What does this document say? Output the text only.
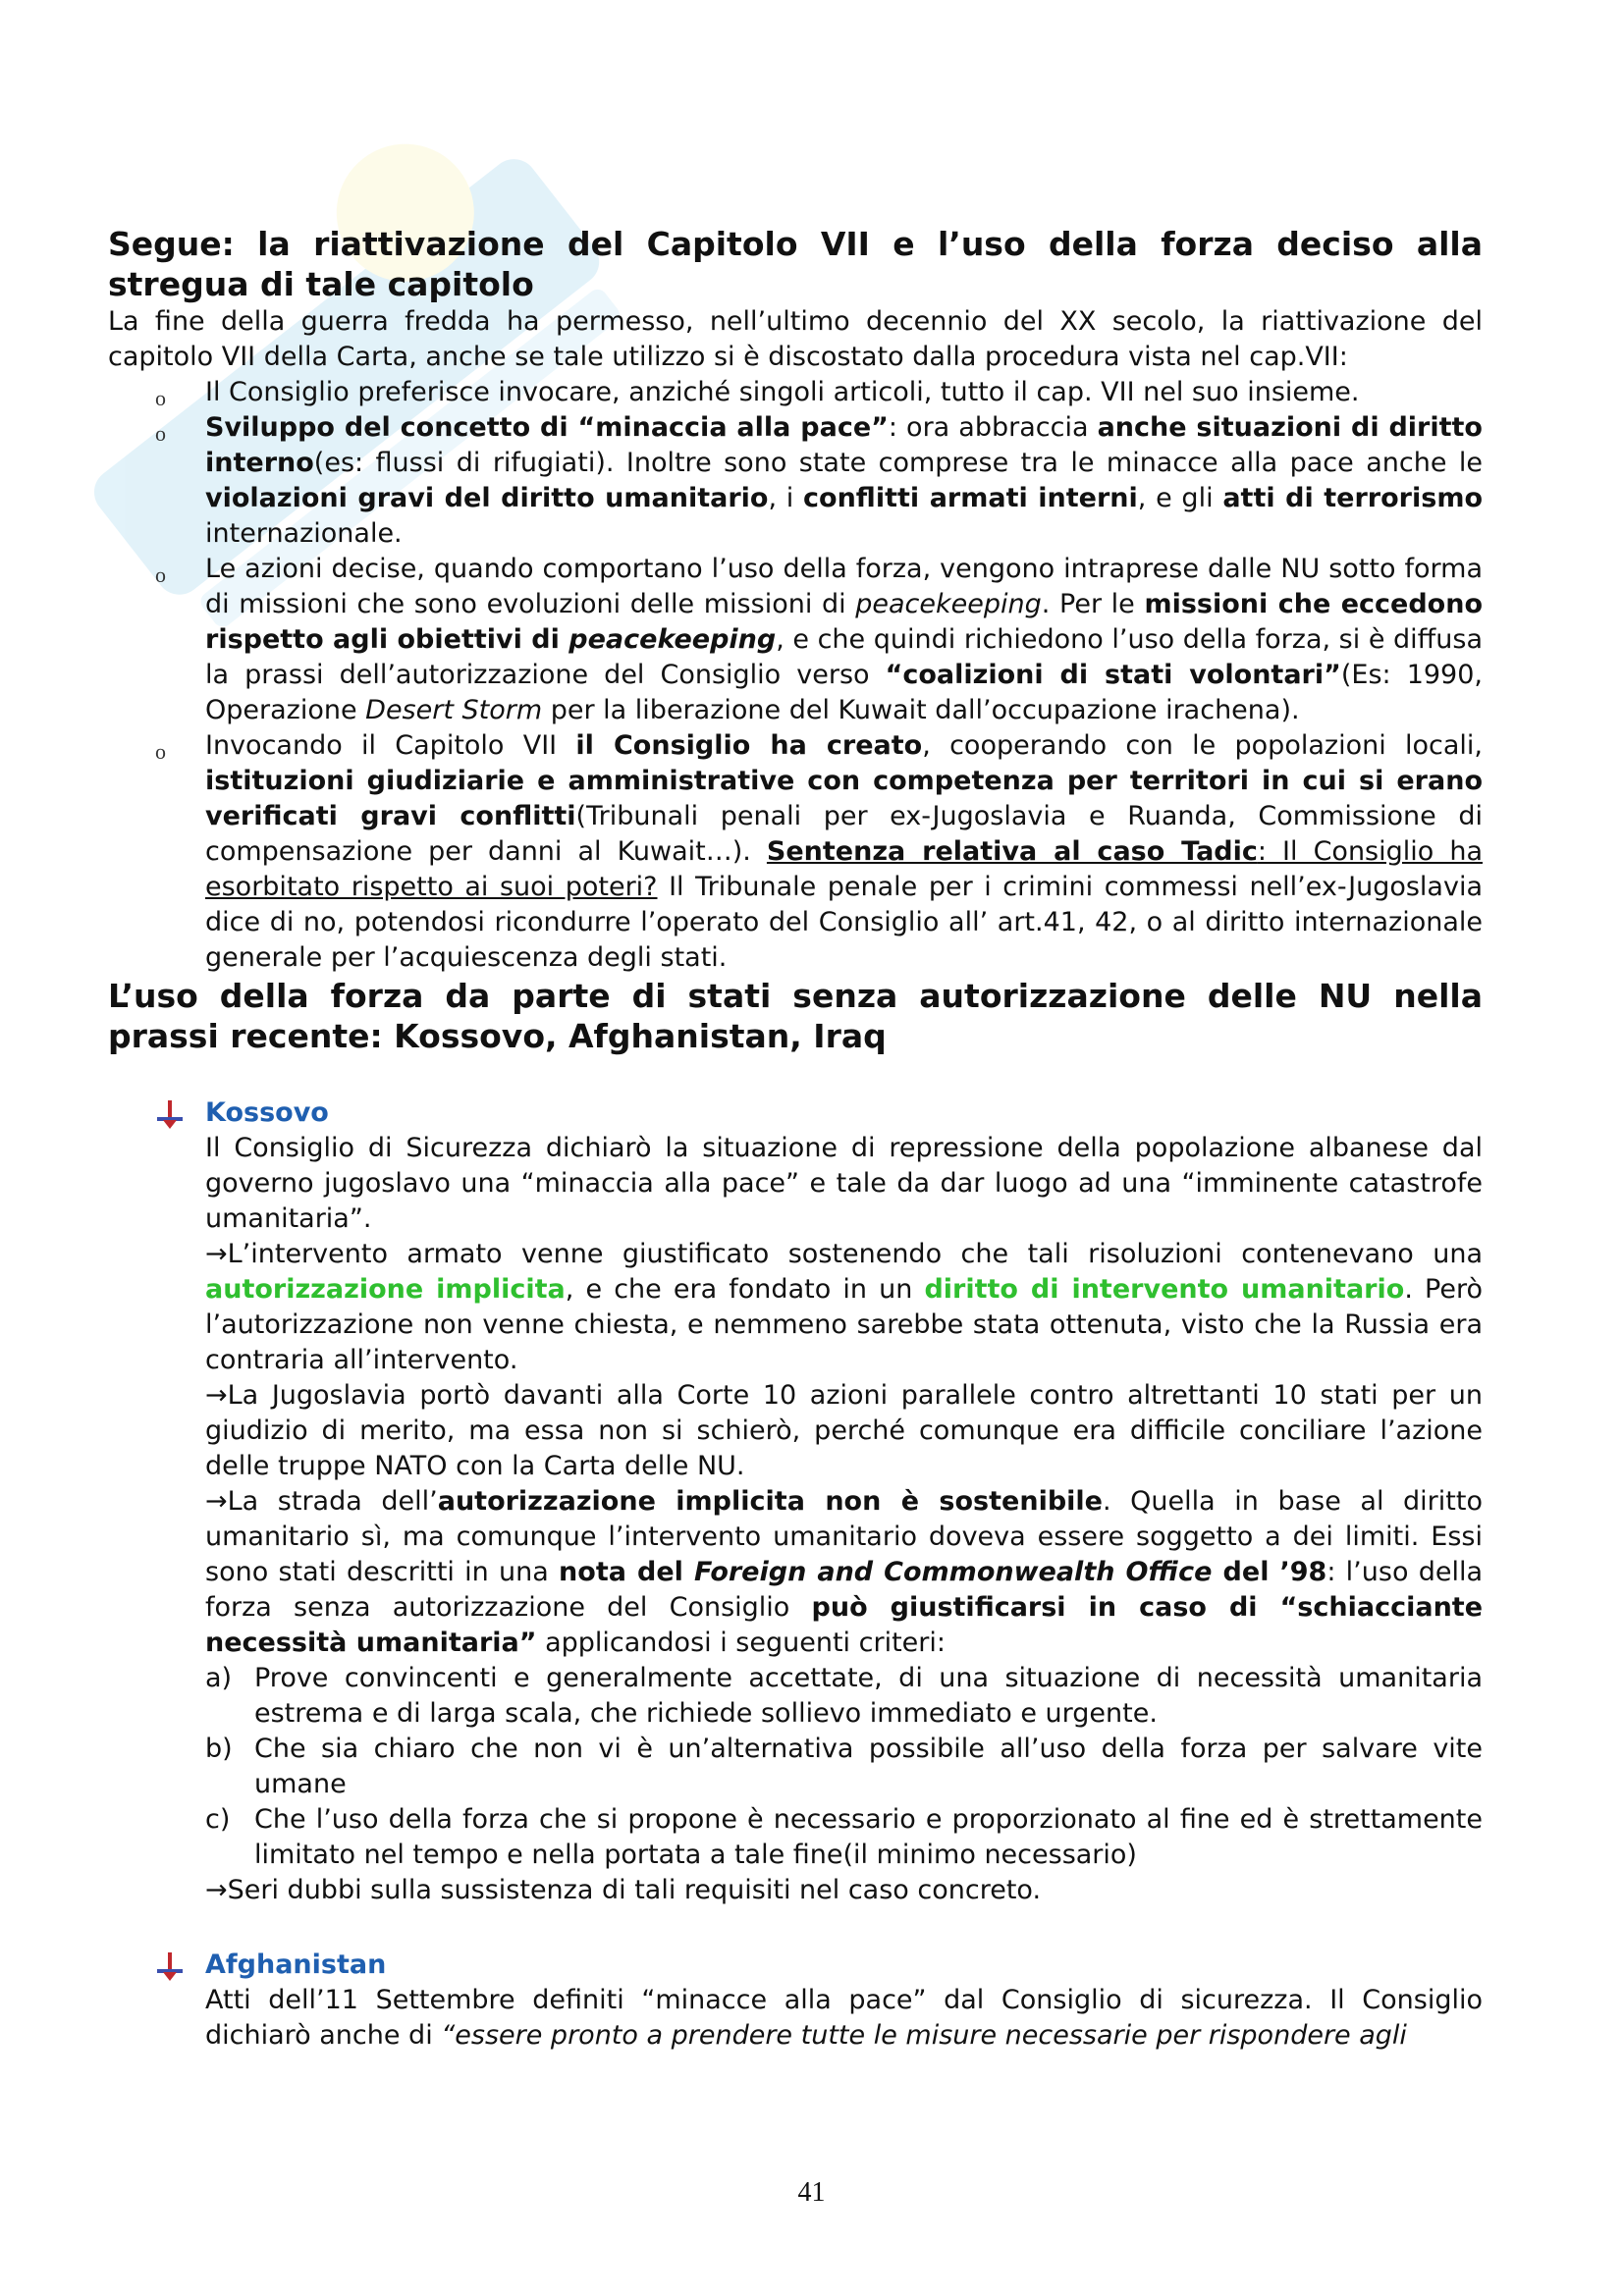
Segue: la riattivazione del Capitolo VII e l’uso della forza deciso alla stregua di tale capitolo

La fine della guerra fredda ha permesso, nell’ultimo decennio del XX secolo, la riattivazione del capitolo VII della Carta, anche se tale utilizzo si è discostato dalla procedura vista nel cap.VII:

o Il Consiglio preferisce invocare, anziché singoli articoli, tutto il cap. VII nel suo insieme.
o Sviluppo del concetto di “minaccia alla pace”: ora abbraccia anche situazioni di diritto interno(es: flussi di rifugiati). Inoltre sono state comprese tra le minacce alla pace anche le violazioni gravi del diritto umanitario, i conflitti armati interni, e gli atti di terrorismo internazionale.
o Le azioni decise, quando comportano l’uso della forza, vengono intraprese dalle NU sotto forma di missioni che sono evoluzioni delle missioni di peacekeeping. Per le missioni che eccedono rispetto agli obiettivi di peacekeeping, e che quindi richiedono l’uso della forza, si è diffusa la prassi dell’autorizzazione del Consiglio verso “coalizioni di stati volontari”(Es: 1990, Operazione Desert Storm per la liberazione del Kuwait dall’occupazione irachena).
o Invocando il Capitolo VII il Consiglio ha creato, cooperando con le popolazioni locali, istituzioni giudiziarie e amministrative con competenza per territori in cui si erano verificati gravi conflitti(Tribunali penali per ex-Jugoslavia e Ruanda, Commissione di compensazione per danni al Kuwait…). Sentenza relativa al caso Tadic: Il Consiglio ha esorbitato rispetto ai suoi poteri? Il Tribunale penale per i crimini commessi nell’ex-Jugoslavia dice di no, potendosi ricondurre l’operato del Consiglio all’ art.41, 42, o al diritto internazionale generale per l’acquiescenza degli stati.
L’uso della forza da parte di stati senza autorizzazione delle NU nella prassi recente: Kossovo, Afghanistan, Iraq
Kossovo

Il Consiglio di Sicurezza dichiarò la situazione di repressione della popolazione albanese dal governo jugoslavo una “minaccia alla pace” e tale da dar luogo ad una “imminente catastrofe umanitaria”.

→L’intervento armato venne giustificato sostenendo che tali risoluzioni contenevano una autorizzazione implicita, e che era fondato in un diritto di intervento umanitario. Però l’autorizzazione non venne chiesta, e nemmeno sarebbe stata ottenuta, visto che la Russia era contraria all’intervento.

→La Jugoslavia portò davanti alla Corte 10 azioni parallele contro altrettanti 10 stati per un giudizio di merito, ma essa non si schierò, perché comunque era difficile conciliare l’azione delle truppe NATO con la Carta delle NU.

→La strada dell’autorizzazione implicita non è sostenibile. Quella in base al diritto umanitario sì, ma comunque l’intervento umanitario doveva essere soggetto a dei limiti. Essi sono stati descritti in una nota del Foreign and Commonwealth Office del ’98: l’uso della forza senza autorizzazione del Consiglio può giustificarsi in caso di “schiacciante necessità umanitaria” applicandosi i seguenti criteri:

a) Prove convincenti e generalmente accettate, di una situazione di necessità umanitaria estrema e di larga scala, che richiede sollievo immediato e urgente.
b) Che sia chiaro che non vi è un’alternativa possibile all’uso della forza per salvare vite umane
c) Che l’uso della forza che si propone è necessario e proporzionato al fine ed è strettamente limitato nel tempo e nella portata a tale fine(il minimo necessario)

→Seri dubbi sulla sussistenza di tali requisiti nel caso concreto.

Afghanistan

Atti dell’11 Settembre definiti “minacce alla pace” dal Consiglio di sicurezza. Il Consiglio dichiarò anche di “essere pronto a prendere tutte le misure necessarie per rispondere agli

41
